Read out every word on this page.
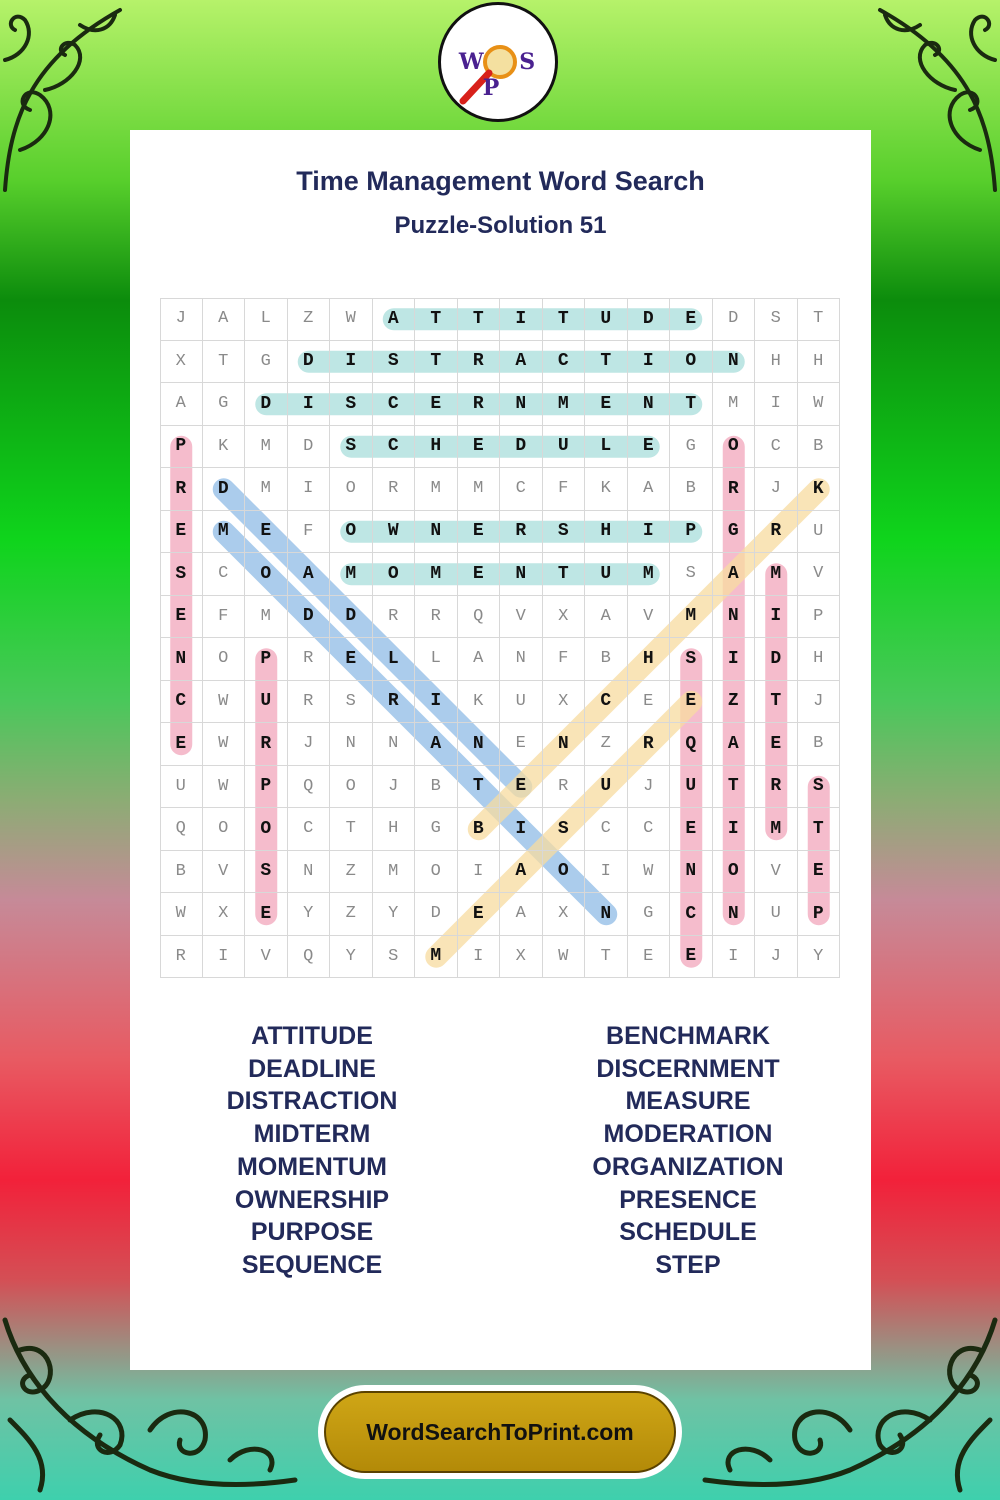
W S P
Time Management Word Search
Puzzle-Solution 51
J	A	L	Z	W	A	T	T	I	T	U	D	E	D	S	T
X	T	G	D	I	S	T	R	A	C	T	I	O	N	H	H
A	G	D	I	S	C	E	R	N	M	E	N	T	M	I	W
P	K	M	D	S	C	H	E	D	U	L	E	G	O	C	B
R	D	M	I	O	R	M	M	C	F	K	A	B	R	J	K
E	M	E	F	O	W	N	E	R	S	H	I	P	G	R	U
S	C	O	A	M	O	M	E	N	T	U	M	S	A	M	V
E	F	M	D	D	R	R	Q	V	X	A	V	M	N	I	P
N	O	P	R	E	L	L	A	N	F	B	H	S	I	D	H
C	W	U	R	S	R	I	K	U	X	C	E	E	Z	T	J
E	W	R	J	N	N	A	N	E	N	Z	R	Q	A	E	B
U	W	P	Q	O	J	B	T	E	R	U	J	U	T	R	S
Q	O	O	C	T	H	G	B	I	S	C	C	E	I	M	T
B	V	S	N	Z	M	O	I	A	O	I	W	N	O	V	E
W	X	E	Y	Z	Y	D	E	A	X	N	G	C	N	U	P
R	I	V	Q	Y	S	M	I	X	W	T	E	E	I	J	Y
ATTITUDE
DEADLINE
DISTRACTION
MIDTERM
MOMENTUM
OWNERSHIP
PURPOSE
SEQUENCE
BENCHMARK
DISCERNMENT
MEASURE
MODERATION
ORGANIZATION
PRESENCE
SCHEDULE
STEP
WordSearchToPrint.com
